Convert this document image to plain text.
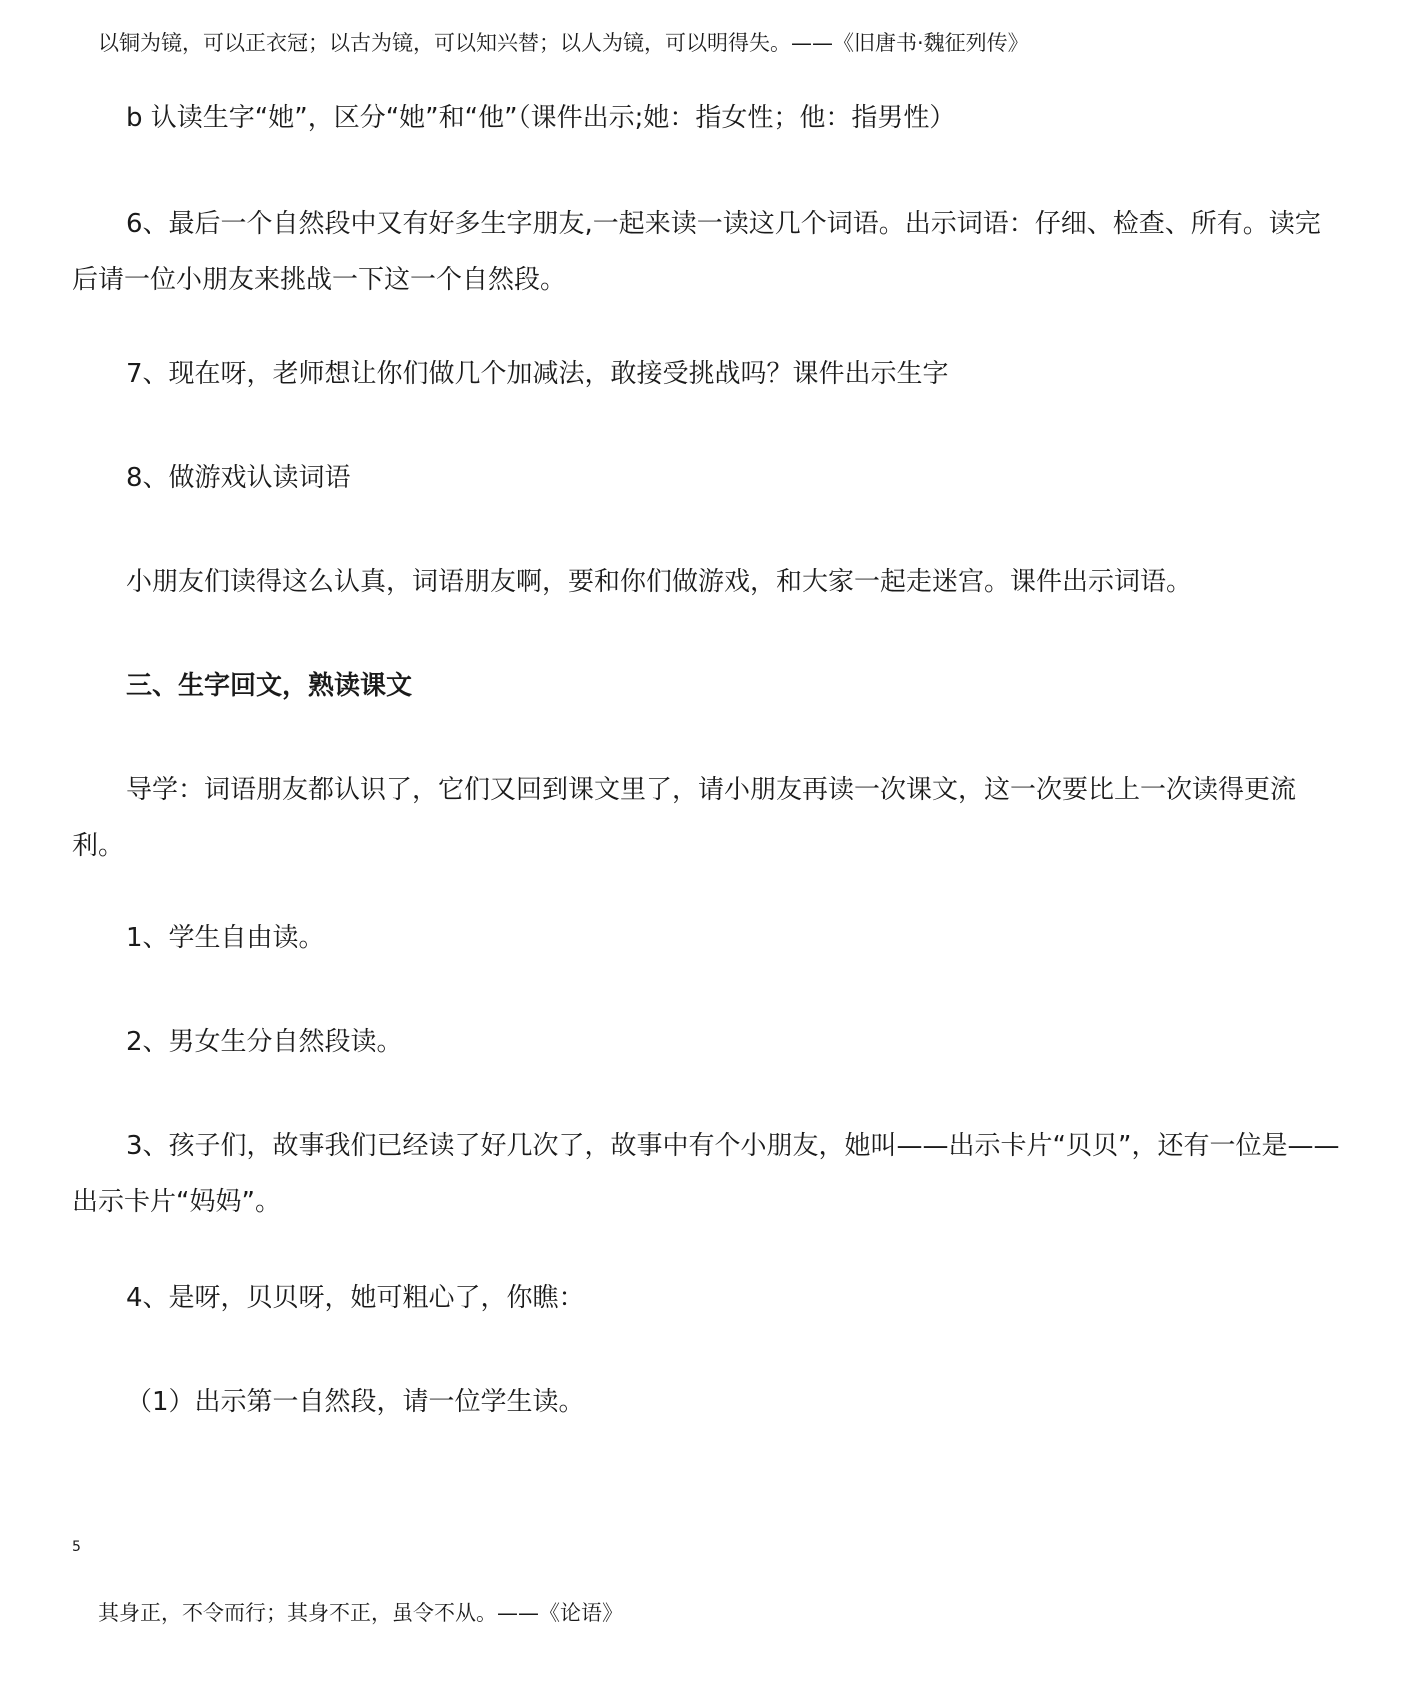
以铜为镜，可以正衣冠；以古为镜，可以知兴替；以人为镜，可以明得失。——《旧唐书·魏征列传》
b 认读生字“她”，区分“她”和“他”（课件出示;她：指女性；他：指男性）
6、最后一个自然段中又有好多生字朋友,一起来读一读这几个词语。出示词语：仔细、检查、所有。读完后请一位小朋友来挑战一下这一个自然段。
7、现在呀，老师想让你们做几个加减法，敢接受挑战吗？课件出示生字
8、做游戏认读词语
小朋友们读得这么认真，词语朋友啊，要和你们做游戏，和大家一起走迷宫。课件出示词语。
三、生字回文，熟读课文
导学：词语朋友都认识了，它们又回到课文里了，请小朋友再读一次课文，这一次要比上一次读得更流利。
1、学生自由读。
2、男女生分自然段读。
3、孩子们，故事我们已经读了好几次了，故事中有个小朋友，她叫——出示卡片“贝贝”，还有一位是——出示卡片“妈妈”。
4、是呀，贝贝呀，她可粗心了，你瞧：
（1）出示第一自然段，请一位学生读。
5
其身正，不令而行；其身不正，虽令不从。——《论语》
